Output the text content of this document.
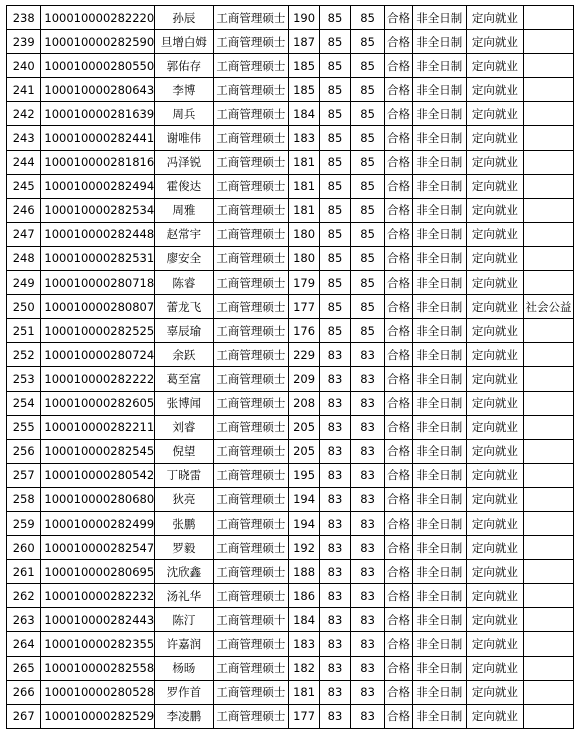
238	100010000282220	孙辰	工商管理硕士	190	85	85	合格	非全日制	定向就业	
239	100010000282590	旦增白姆	工商管理硕士	187	85	85	合格	非全日制	定向就业	
240	100010000280550	郭佑存	工商管理硕士	185	85	85	合格	非全日制	定向就业	
241	100010000280643	李博	工商管理硕士	185	85	85	合格	非全日制	定向就业	
242	100010000281639	周兵	工商管理硕士	184	85	85	合格	非全日制	定向就业	
243	100010000282441	谢唯伟	工商管理硕士	183	85	85	合格	非全日制	定向就业	
244	100010000281816	冯泽锐	工商管理硕士	181	85	85	合格	非全日制	定向就业	
245	100010000282494	霍俊达	工商管理硕士	181	85	85	合格	非全日制	定向就业	
246	100010000282534	周雅	工商管理硕士	181	85	85	合格	非全日制	定向就业	
247	100010000282448	赵常宇	工商管理硕士	180	85	85	合格	非全日制	定向就业	
248	100010000282531	廖安全	工商管理硕士	180	85	85	合格	非全日制	定向就业	
249	100010000280718	陈睿	工商管理硕士	179	85	85	合格	非全日制	定向就业	
250	100010000280807	蕾龙飞	工商管理硕士	177	85	85	合格	非全日制	定向就业	社会公益
251	100010000282525	辜辰瑜	工商管理硕士	176	85	85	合格	非全日制	定向就业	
252	100010000280724	余跃	工商管理硕士	229	83	83	合格	非全日制	定向就业	
253	100010000282222	葛至富	工商管理硕士	209	83	83	合格	非全日制	定向就业	
254	100010000282605	张博闻	工商管理硕士	208	83	83	合格	非全日制	定向就业	
255	100010000282211	刘睿	工商管理硕士	205	83	83	合格	非全日制	定向就业	
256	100010000282545	倪望	工商管理硕士	205	83	83	合格	非全日制	定向就业	
257	100010000280542	丁晓雷	工商管理硕士	195	83	83	合格	非全日制	定向就业	
258	100010000280680	狄亮	工商管理硕士	194	83	83	合格	非全日制	定向就业	
259	100010000282499	张鹏	工商管理硕士	194	83	83	合格	非全日制	定向就业	
260	100010000282547	罗毅	工商管理硕士	192	83	83	合格	非全日制	定向就业	
261	100010000280695	沈欣鑫	工商管理硕士	188	83	83	合格	非全日制	定向就业	
262	100010000282232	汤礼华	工商管理硕士	186	83	83	合格	非全日制	定向就业	
263	100010000282443	陈汀	工商管理硕十	184	83	83	合格	非全日制	定向就业	
264	100010000282355	许嘉润	工商管理硕士	183	83	83	合格	非全日制	定向就业	
265	100010000282558	杨旸	工商管理硕士	182	83	83	合格	非全日制	定向就业	
266	100010000280528	罗作首	工商管理硕士	181	83	83	合格	非全日制	定向就业	
267	100010000282529	李凌鹏	工商管理硕士	177	83	83	合格	非全日制	定向就业	
